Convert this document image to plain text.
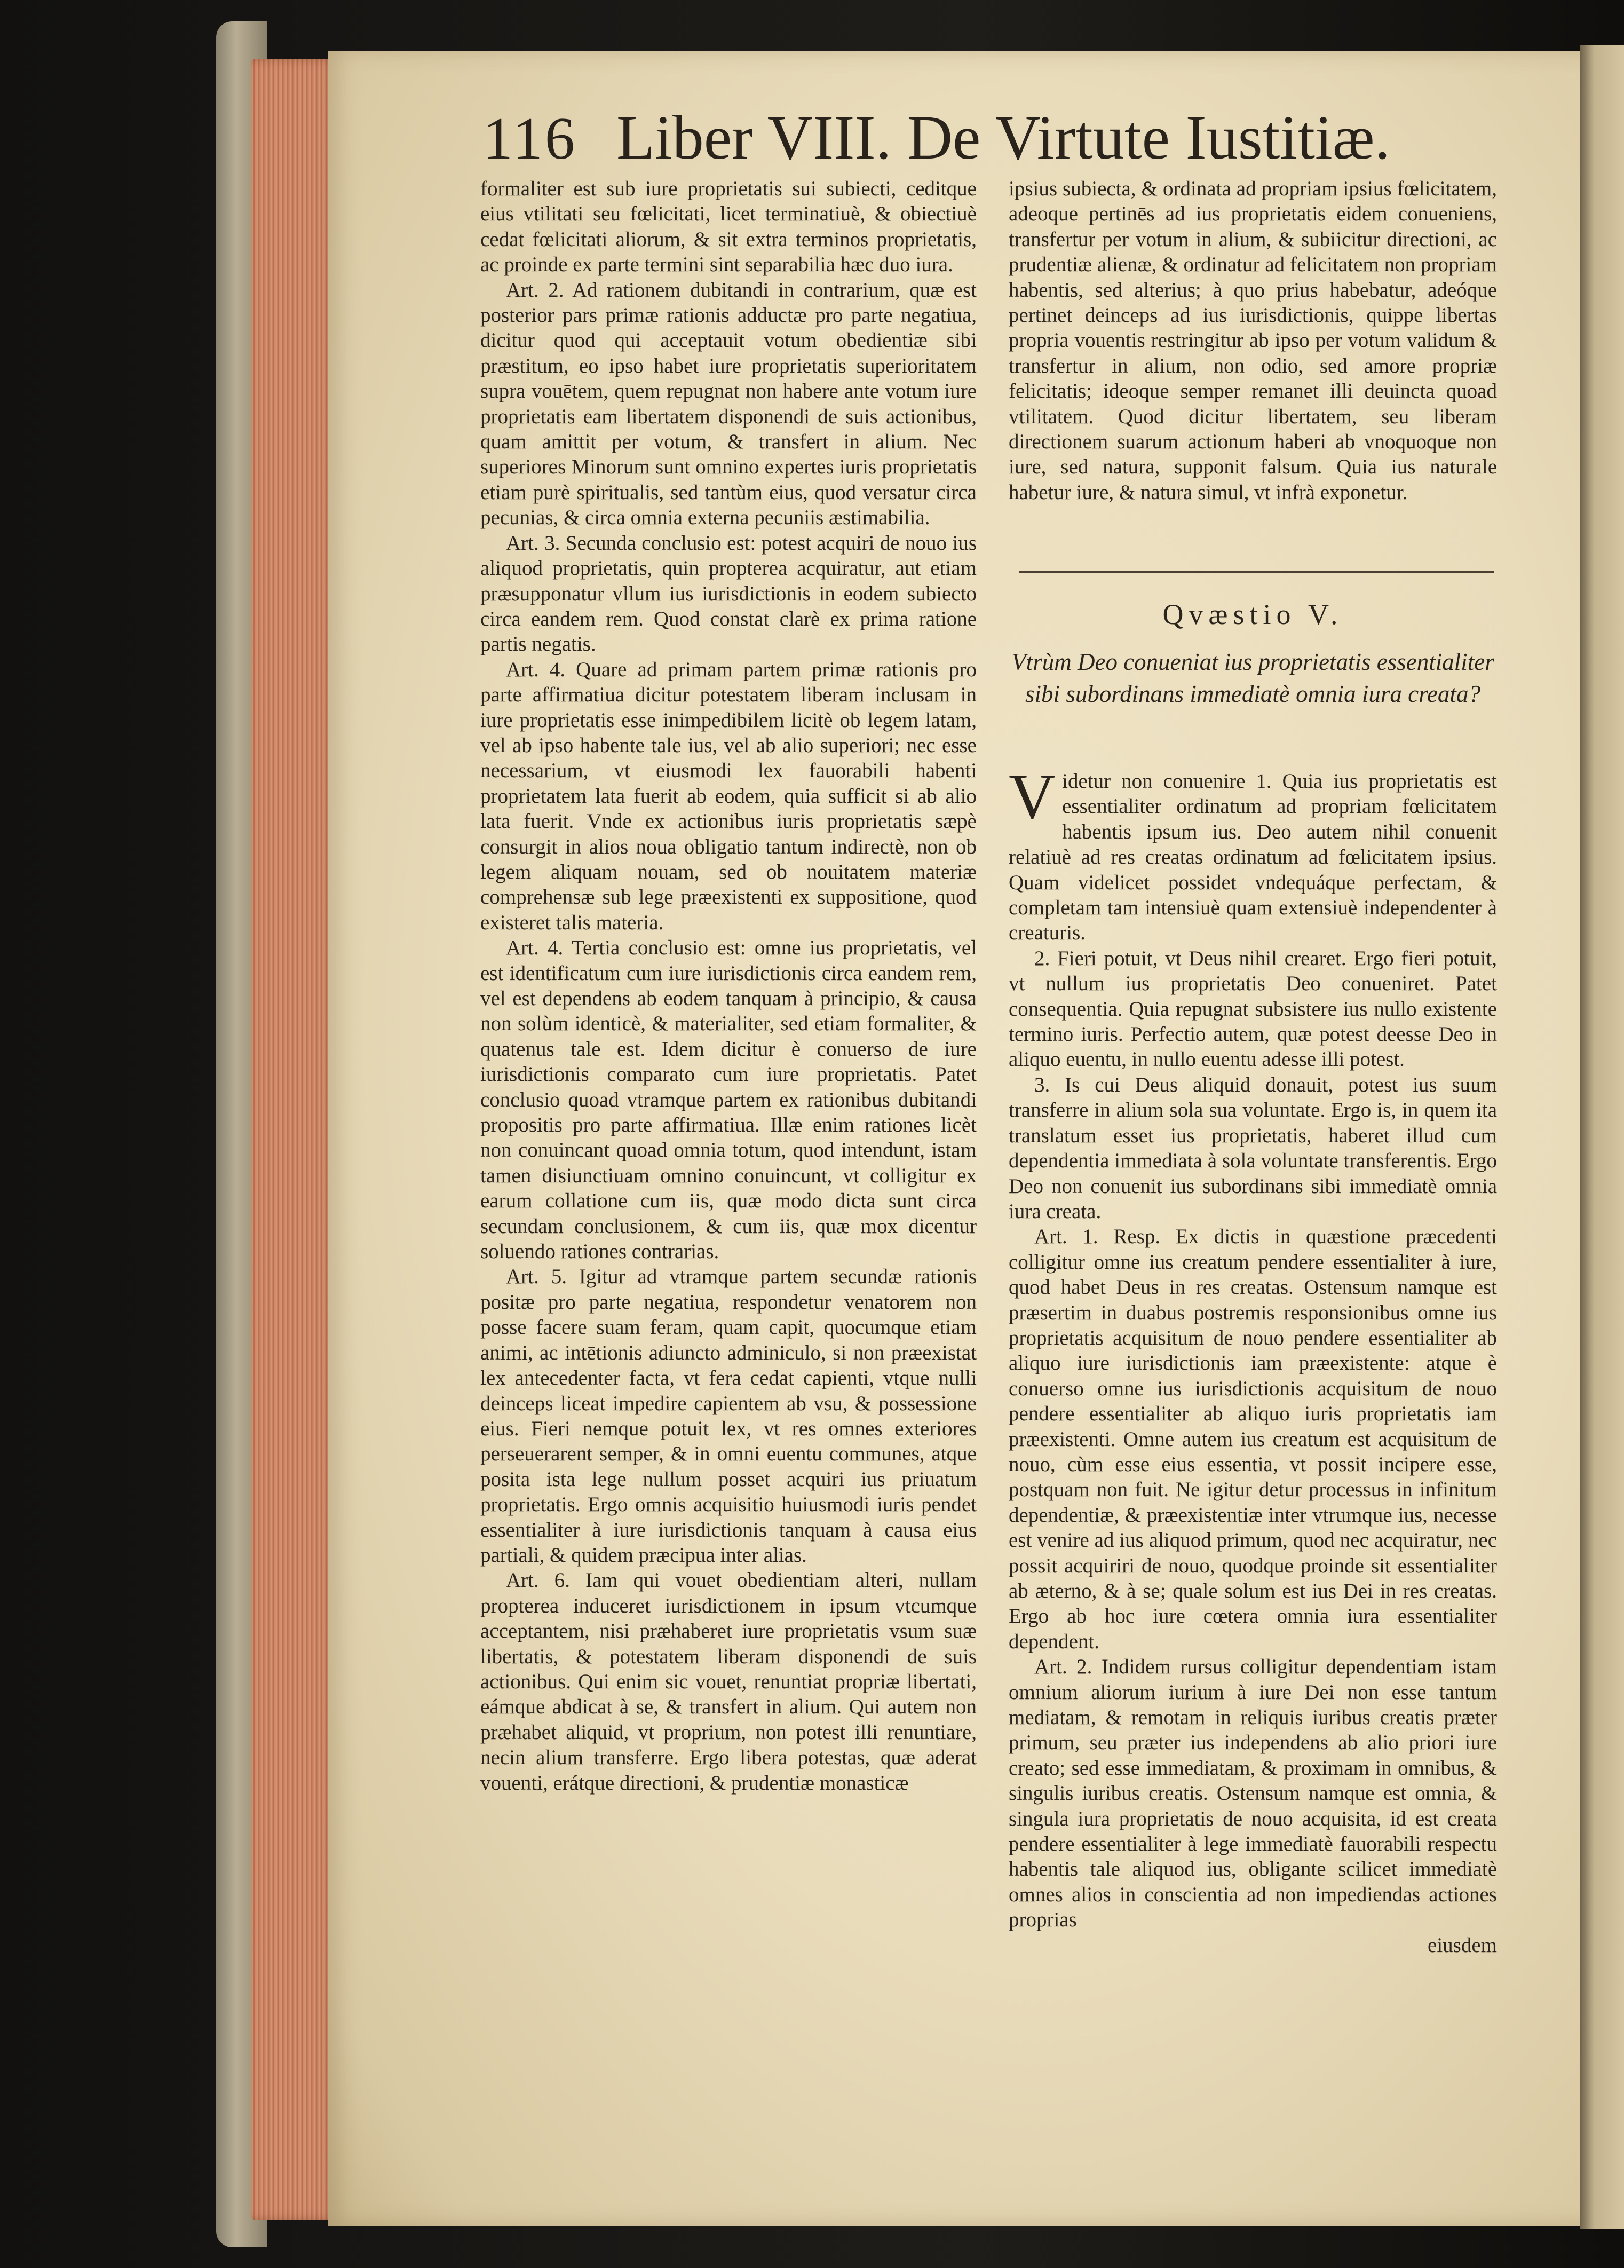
116 Liber VIII. De Virtute Iustitiæ.

formaliter est sub iure proprietatis sui subiecti, ceditque eius vtilitati seu fœlicitati, licet terminatiuè, & obiectiuè cedat fœlicitati aliorum, & sit extra terminos proprietatis, ac proinde ex parte termini sint separabilia hæc duo iura.

Art. 2. Ad rationem dubitandi in contrarium, quæ est posterior pars primæ rationis adductæ pro parte negatiua, dicitur quod qui acceptauit votum obedientiæ sibi præstitum, eo ipso habet iure proprietatis superioritatem supra vouētem, quem repugnat non habere ante votum iure proprietatis eam libertatem disponendi de suis actionibus, quam amittit per votum, & transfert in alium. Nec superiores Minorum sunt omnino expertes iuris proprietatis etiam purè spiritualis, sed tantùm eius, quod versatur circa pecunias, & circa omnia externa pecuniis æstimabilia.

Art. 3. Secunda conclusio est: potest acquiri de nouo ius aliquod proprietatis, quin propterea acquiratur, aut etiam præsupponatur vllum ius iurisdictionis in eodem subiecto circa eandem rem. Quod constat clarè ex prima ratione partis negatis.

Art. 4. Quare ad primam partem primæ rationis pro parte affirmatiua dicitur potestatem liberam inclusam in iure proprietatis esse inimpedibilem licitè ob legem latam, vel ab ipso habente tale ius, vel ab alio superiori; nec esse necessarium, vt eiusmodi lex fauorabili habenti proprietatem lata fuerit ab eodem, quia sufficit si ab alio lata fuerit. Vnde ex actionibus iuris proprietatis sæpè consurgit in alios noua obligatio tantum indirectè, non ob legem aliquam nouam, sed ob nouitatem materiæ comprehensæ sub lege præexistenti ex suppositione, quod existeret talis materia.

Art. 4. Tertia conclusio est: omne ius proprietatis, vel est identificatum cum iure iurisdictionis circa eandem rem, vel est dependens ab eodem tanquam à principio, & causa non solùm identicè, & materialiter, sed etiam formaliter, & quatenus tale est. Idem dicitur è conuerso de iure iurisdictionis comparato cum iure proprietatis. Patet conclusio quoad vtramque partem ex rationibus dubitandi propositis pro parte affirmatiua. Illæ enim rationes licèt non conuincant quoad omnia totum, quod intendunt, istam tamen disiunctiuam omnino conuincunt, vt colligitur ex earum collatione cum iis, quæ modo dicta sunt circa secundam conclusionem, & cum iis, quæ mox dicentur soluendo rationes contrarias.

Art. 5. Igitur ad vtramque partem secundæ rationis positæ pro parte negatiua, respondetur venatorem non posse facere suam feram, quam capit, quocumque etiam animi, ac intētionis adiuncto adminiculo, si non præexistat lex antecedenter facta, vt fera cedat capienti, vtque nulli deinceps liceat impedire capientem ab vsu, & possessione eius. Fieri nemque potuit lex, vt res omnes exteriores perseuerarent semper, & in omni euentu communes, atque posita ista lege nullum posset acquiri ius priuatum proprietatis. Ergo omnis acquisitio huiusmodi iuris pendet essentialiter à iure iurisdictionis tanquam à causa eius partiali, & quidem præcipua inter alias.

Art. 6. Iam qui vouet obedientiam alteri, nullam propterea induceret iurisdictionem in ipsum vtcumque acceptantem, nisi præhaberet iure proprietatis vsum suæ libertatis, & potestatem liberam disponendi de suis actionibus. Qui enim sic vouet, renuntiat propriæ libertati, eámque abdicat à se, & transfert in alium. Qui autem non præhabet aliquid, vt proprium, non potest illi renuntiare, necin alium transferre. Ergo libera potestas, quæ aderat vouenti, erátque directioni, & prudentiæ monasticæ

ipsius subiecta, & ordinata ad propriam ipsius fœlicitatem, adeoque pertinēs ad ius proprietatis eidem conueniens, transfertur per votum in alium, & subiicitur directioni, ac prudentiæ alienæ, & ordinatur ad felicitatem non propriam habentis, sed alterius; à quo prius habebatur, adeóque pertinet deinceps ad ius iurisdictionis, quippe libertas propria vouentis restringitur ab ipso per votum validum & transfertur in alium, non odio, sed amore propriæ felicitatis; ideoque semper remanet illi deuincta quoad vtilitatem. Quod dicitur libertatem, seu liberam directionem suarum actionum haberi ab vnoquoque non iure, sed natura, supponit falsum. Quia ius naturale habetur iure, & natura simul, vt infrà exponetur.

Qvæstio V.
Vtrùm Deo conueniat ius proprietatis essentialiter sibi subordinans immediatè omnia iura creata?

Videtur non conuenire 1. Quia ius proprietatis est essentialiter ordinatum ad propriam fœlicitatem habentis ipsum ius. Deo autem nihil conuenit relatiuè ad res creatas ordinatum ad fœlicitatem ipsius. Quam videlicet possidet vndequáque perfectam, & completam tam intensiuè quam extensiuè independenter à creaturis.

2. Fieri potuit, vt Deus nihil crearet. Ergo fieri potuit, vt nullum ius proprietatis Deo conueniret. Patet consequentia. Quia repugnat subsistere ius nullo existente termino iuris. Perfectio autem, quæ potest deesse Deo in aliquo euentu, in nullo euentu adesse illi potest.

3. Is cui Deus aliquid donauit, potest ius suum transferre in alium sola sua voluntate. Ergo is, in quem ita translatum esset ius proprietatis, haberet illud cum dependentia immediata à sola voluntate transferentis. Ergo Deo non conuenit ius subordinans sibi immediatè omnia iura creata.

Art. 1. Resp. Ex dictis in quæstione præcedenti colligitur omne ius creatum pendere essentialiter à iure, quod habet Deus in res creatas. Ostensum namque est præsertim in duabus postremis responsionibus omne ius proprietatis acquisitum de nouo pendere essentialiter ab aliquo iure iurisdictionis iam præexistente: atque è conuerso omne ius iurisdictionis acquisitum de nouo pendere essentialiter ab aliquo iuris proprietatis iam præexistenti. Omne autem ius creatum est acquisitum de nouo, cùm esse eius essentia, vt possit incipere esse, postquam non fuit. Ne igitur detur processus in infinitum dependentiæ, & præexistentiæ inter vtrumque ius, necesse est venire ad ius aliquod primum, quod nec acquiratur, nec possit acquiriri de nouo, quodque proinde sit essentialiter ab æterno, & à se; quale solum est ius Dei in res creatas. Ergo ab hoc iure cœtera omnia iura essentialiter dependent.

Art. 2. Indidem rursus colligitur dependentiam istam omnium aliorum iurium à iure Dei non esse tantum mediatam, & remotam in reliquis iuribus creatis præter primum, seu præter ius independens ab alio priori iure creato; sed esse immediatam, & proximam in omnibus, & singulis iuribus creatis. Ostensum namque est omnia, & singula iura proprietatis de nouo acquisita, id est creata pendere essentialiter à lege immediatè fauorabili respectu habentis tale aliquod ius, obligante scilicet immediatè omnes alios in conscientia ad non impediendas actiones proprias

eiusdem
